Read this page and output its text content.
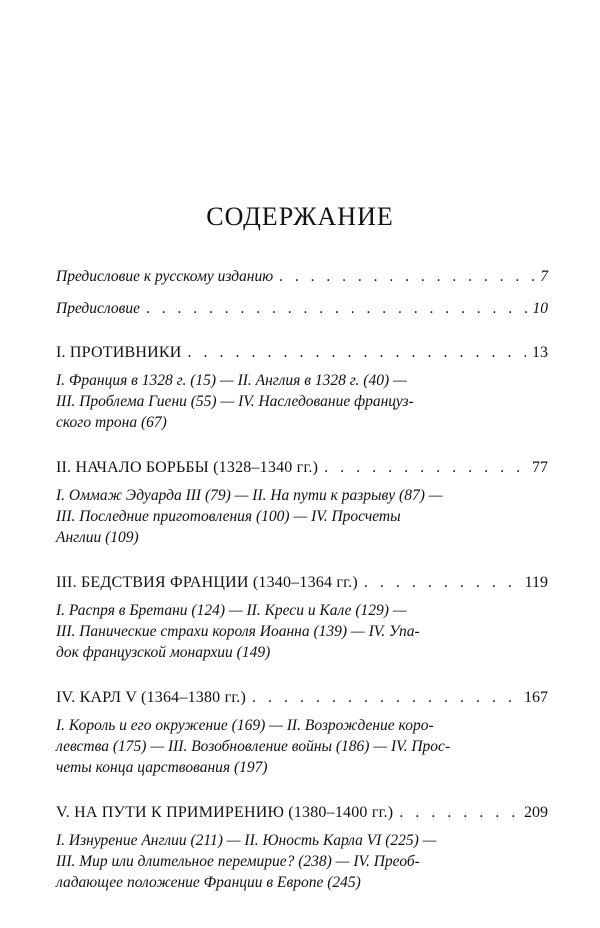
СОДЕРЖАНИЕ
Предисловие к русскому изданию . . .	7
Предисловие . . .	10
I. ПРОТИВНИКИ . . .	13
I. Франция в 1328 г. (15) — II. Англия в 1328 г. (40) —
III. Проблема Гиени (55) — IV. Наследование француз-
ского трона (67)
II. НАЧАЛО БОРЬБЫ (1328–1340 гг.) . . .	77
I. Оммаж Эдуарда III (79) — II. На пути к разрыву (87) —
III. Последние приготовления (100) — IV. Просчеты
Англии (109)
III. БЕДСТВИЯ ФРАНЦИИ (1340–1364 гг.) . . .	119
I. Распря в Бретани (124) — II. Креси и Кале (129) —
III. Панические страхи короля Иоанна (139) — IV. Упа-
док французской монархии (149)
IV. КАРЛ V (1364–1380 гг.) . . .	167
I. Король и его окружение (169) — II. Возрождение коро-
левства (175) — III. Возобновление войны (186) — IV. Прос-
четы конца царствования (197)
V. НА ПУТИ К ПРИМИРЕНИЮ (1380–1400 гг.) . . .	209
I. Изнурение Англии (211) — II. Юность Карла VI (225) —
III. Мир или длительное перемирие? (238) — IV. Преоб-
ладающее положение Франции в Европе (245)
